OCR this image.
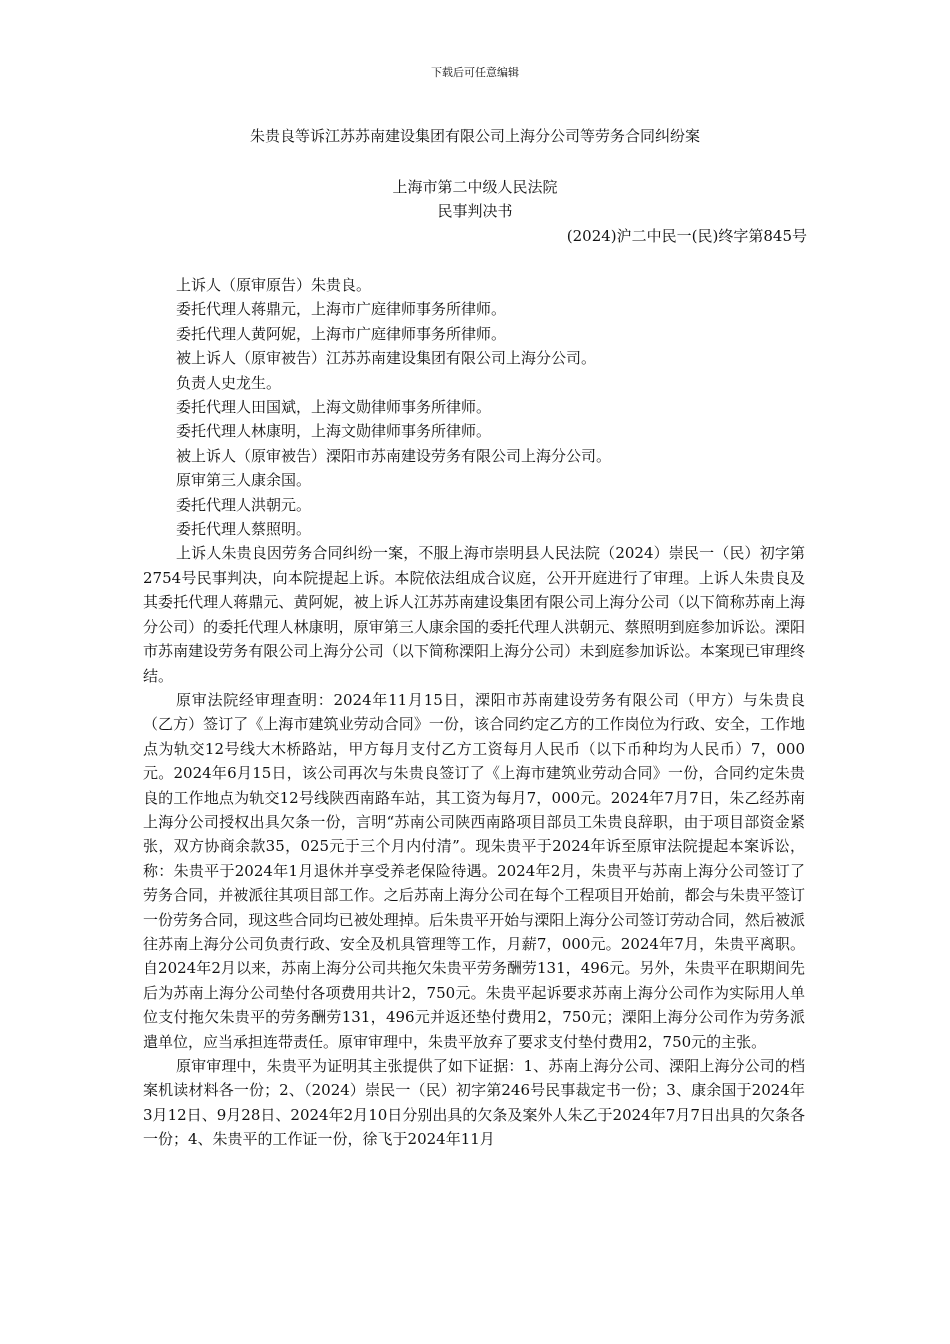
下载后可任意编辑
朱贵良等诉江苏苏南建设集团有限公司上海分公司等劳务合同纠纷案
上海市第二中级人民法院
民事判决书
(2024)沪二中民一(民)终字第845号

上诉人（原审原告）朱贵良。

委托代理人蒋鼎元，上海市广庭律师事务所律师。

委托代理人黄阿妮，上海市广庭律师事务所律师。

被上诉人（原审被告）江苏苏南建设集团有限公司上海分公司。

负责人史龙生。

委托代理人田国斌，上海文勋律师事务所律师。

委托代理人林康明，上海文勋律师事务所律师。

被上诉人（原审被告）溧阳市苏南建设劳务有限公司上海分公司。

原审第三人康余国。

委托代理人洪朝元。

委托代理人蔡照明。

上诉人朱贵良因劳务合同纠纷一案，不服上海市崇明县人民法院（2024）崇民一（民）初字第2754号民事判决，向本院提起上诉。本院依法组成合议庭，公开开庭进行了审理。上诉人朱贵良及其委托代理人蒋鼎元、黄阿妮，被上诉人江苏苏南建设集团有限公司上海分公司（以下简称苏南上海分公司）的委托代理人林康明，原审第三人康余国的委托代理人洪朝元、蔡照明到庭参加诉讼。溧阳市苏南建设劳务有限公司上海分公司（以下简称溧阳上海分公司）未到庭参加诉讼。本案现已审理终结。

原审法院经审理查明：2024年11月15日，溧阳市苏南建设劳务有限公司（甲方）与朱贵良（乙方）签订了《上海市建筑业劳动合同》一份，该合同约定乙方的工作岗位为行政、安全，工作地点为轨交12号线大木桥路站，甲方每月支付乙方工资每月人民币（以下币种均为人民币）7，000元。2024年6月15日，该公司再次与朱贵良签订了《上海市建筑业劳动合同》一份，合同约定朱贵良的工作地点为轨交12号线陕西南路车站，其工资为每月7，000元。2024年7月7日，朱乙经苏南上海分公司授权出具欠条一份，言明“苏南公司陕西南路项目部员工朱贵良辞职，由于项目部资金紧张，双方协商余款35，025元于三个月内付清”。现朱贵平于2024年诉至原审法院提起本案诉讼，称：朱贵平于2024年1月退休并享受养老保险待遇。2024年2月，朱贵平与苏南上海分公司签订了劳务合同，并被派往其项目部工作。之后苏南上海分公司在每个工程项目开始前，都会与朱贵平签订一份劳务合同，现这些合同均已被处理掉。后朱贵平开始与溧阳上海分公司签订劳动合同，然后被派往苏南上海分公司负责行政、安全及机具管理等工作，月薪7，000元。2024年7月，朱贵平离职。自2024年2月以来，苏南上海分公司共拖欠朱贵平劳务酬劳131，496元。另外，朱贵平在职期间先后为苏南上海分公司垫付各项费用共计2，750元。朱贵平起诉要求苏南上海分公司作为实际用人单位支付拖欠朱贵平的劳务酬劳131，496元并返还垫付费用2，750元；溧阳上海分公司作为劳务派遣单位，应当承担连带责任。原审审理中，朱贵平放弃了要求支付垫付费用2，750元的主张。

原审审理中，朱贵平为证明其主张提供了如下证据：1、苏南上海分公司、溧阳上海分公司的档案机读材料各一份；2、（2024）崇民一（民）初字第246号民事裁定书一份；3、康余国于2024年3月12日、9月28日、2024年2月10日分别出具的欠条及案外人朱乙于2024年7月7日出具的欠条各一份；4、朱贵平的工作证一份，徐飞于2024年11月
